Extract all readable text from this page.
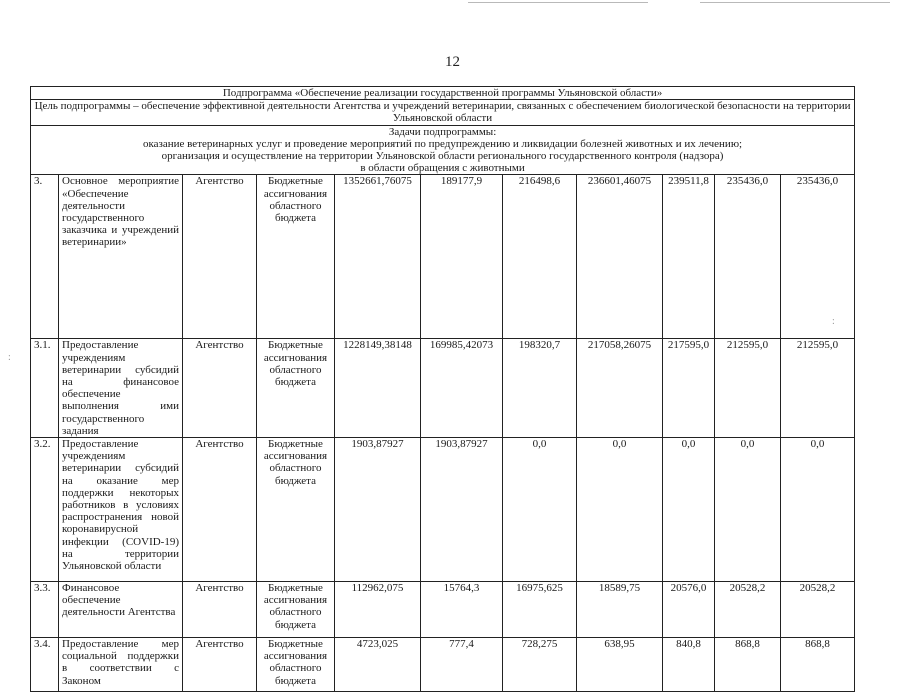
12
Подпрограмма «Обеспечение реализации государственной программы Ульяновской области»										
Цель подпрограммы – обеспечение эффективной деятельности Агентства и учреждений ветеринарии, связанных с обеспечением биологической безопасности на территории Ульяновской области										

Задачи подпрограммы:
оказание ветеринарных услуг и проведение мероприятий по предупреждению и ликвидации болезней животных и их лечению;
организация и осуществление на территории Ульяновской области регионального государственного контроля (надзора)
в области обращения с животными										

3.	Основное мероприятие «Обеспечение деятельности государственного заказчика и учреждений ветеринарии»	Агентство	Бюджетные ассигнования областного бюджета	1352661,76075	189177,9	216498,6	236601,46075	239511,8	235436,0	235436,0
3.1.	Предоставление учреждениям ветеринарии субсидий на финансовое обеспечение выполнения ими государственного задания	Агентство	Бюджетные ассигнования областного бюджета	1228149,38148	169985,42073	198320,7	217058,26075	217595,0	212595,0	212595,0
3.2.	Предоставление учреждениям ветеринарии субсидий на оказание мер поддержки некоторых работников в условиях распространения новой коронавирусной инфекции (COVID-19) на территории Ульяновской области	Агентство	Бюджетные ассигнования областного бюджета	1903,87927	1903,87927	0,0	0,0	0,0	0,0	0,0
3.3.	Финансовое обеспечение деятельности Агентства	Агентство	Бюджетные ассигнования областного бюджета	112962,075	15764,3	16975,625	18589,75	20576,0	20528,2	20528,2
3.4.	Предоставление мер социальной поддержки в соответствии с Законом	Агентство	Бюджетные ассигнования областного бюджета	4723,025	777,4	728,275	638,95	840,8	868,8	868,8
:
:
